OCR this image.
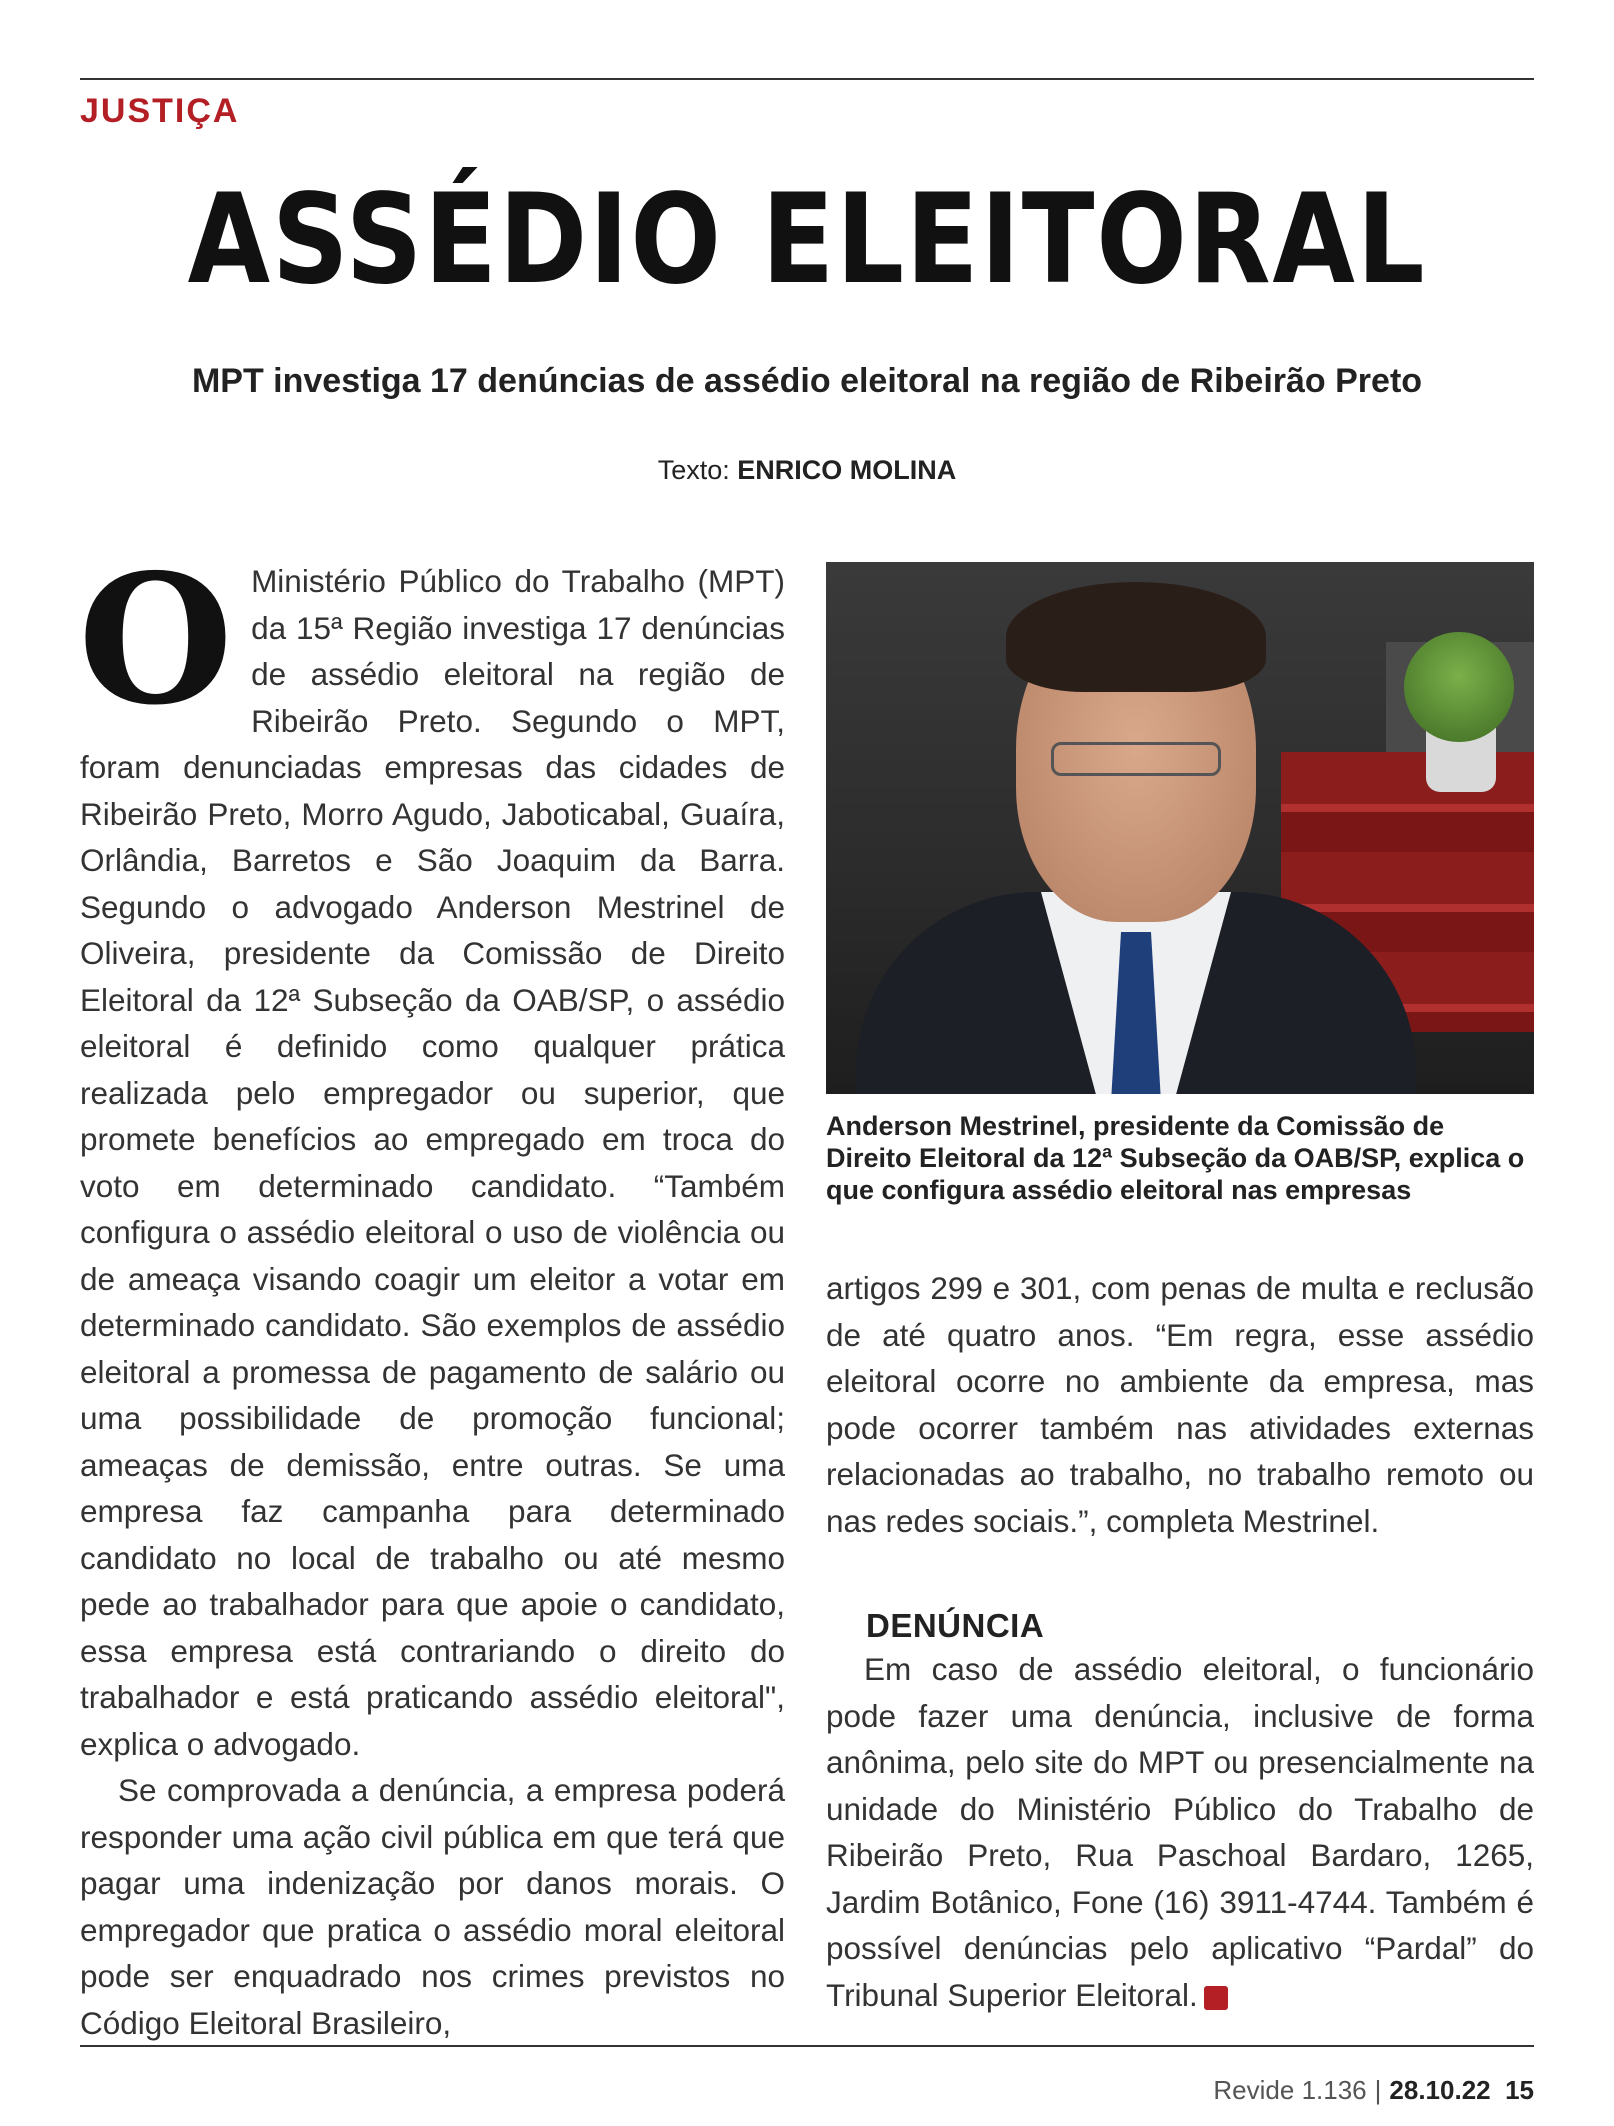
JUSTIÇA
ASSÉDIO ELEITORAL
MPT investiga 17 denúncias de assédio eleitoral na região de Ribeirão Preto
Texto: ENRICO MOLINA

O Ministério Público do Trabalho (MPT) da 15ª Região investiga 17 denúncias de assédio eleitoral na região de Ribeirão Preto. Segundo o MPT, foram denunciadas empresas das cidades de Ribeirão Preto, Morro Agudo, Jaboticabal, Guaíra, Orlândia, Barretos e São Joaquim da Barra. Segundo o advogado Anderson Mestrinel de Oliveira, presidente da Comissão de Direito Eleitoral da 12ª Subseção da OAB/SP, o assédio eleitoral é definido como qualquer prática realizada pelo empregador ou superior, que promete benefícios ao empregado em troca do voto em determinado candidato. “Também configura o assédio eleitoral o uso de violência ou de ameaça visando coagir um eleitor a votar em determinado candidato. São exemplos de assédio eleitoral a promessa de pagamento de salário ou uma possibilidade de promoção funcional; ameaças de demissão, entre outras. Se uma empresa faz campanha para determinado candidato no local de trabalho ou até mesmo pede ao trabalhador para que apoie o candidato, essa empresa está contrariando o direito do trabalhador e está praticando assédio eleitoral", explica o advogado.

Se comprovada a denúncia, a empresa poderá responder uma ação civil pública em que terá que pagar uma indenização por danos morais. O empregador que pratica o assédio moral eleitoral pode ser enquadrado nos crimes previstos no Código Eleitoral Brasileiro,

Anderson Mestrinel, presidente da Comissão de Direito Eleitoral da 12ª Subseção da OAB/SP, explica o que configura assédio eleitoral nas empresas

artigos 299 e 301, com penas de multa e reclusão de até quatro anos. “Em regra, esse assédio eleitoral ocorre no ambiente da empresa, mas pode ocorrer também nas atividades externas relacionadas ao trabalho, no trabalho remoto ou nas redes sociais.”, completa Mestrinel.

DENÚNCIA

Em caso de assédio eleitoral, o funcionário pode fazer uma denúncia, inclusive de forma anônima, pelo site do MPT ou presencialmente na unidade do Ministério Público do Trabalho de Ribeirão Preto, Rua Paschoal Bardaro, 1265, Jardim Botânico, Fone (16) 3911-4744. Também é possível denúncias pelo aplicativo “Pardal” do Tribunal Superior Eleitoral. R

Revide 1.136 | 28.10.22 15
